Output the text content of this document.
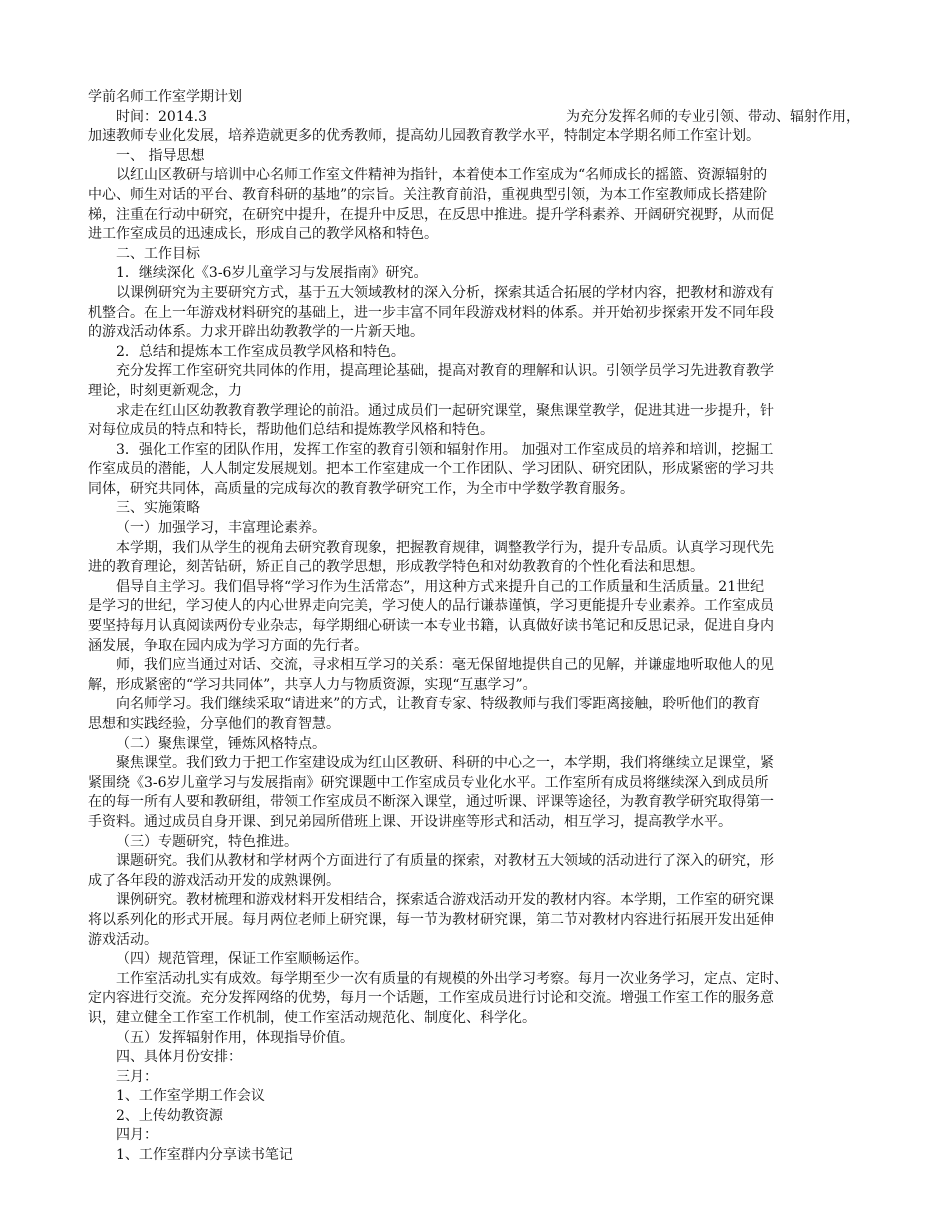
学前名师工作室学期计划
时间：2014.3	为充分发挥名师的专业引领、带动、辐射作用，
加速教师专业化发展，培养造就更多的优秀教师，提高幼儿园教育教学水平，特制定本学期名师工作室计划。
一、 指导思想
以红山区教研与培训中心名师工作室文件精神为指针，本着使本工作室成为“名师成长的摇篮、资源辐射的
中心、师生对话的平台、教育科研的基地”的宗旨。关注教育前沿，重视典型引领，为本工作室教师成长搭建阶
梯，注重在行动中研究，在研究中提升，在提升中反思，在反思中推进。提升学科素养、开阔研究视野，从而促
进工作室成员的迅速成长，形成自己的教学风格和特色。
二、工作目标
1．继续深化《3-6岁儿童学习与发展指南》研究。
以课例研究为主要研究方式，基于五大领域教材的深入分析，探索其适合拓展的学材内容，把教材和游戏有
机整合。在上一年游戏材料研究的基础上，进一步丰富不同年段游戏材料的体系。并开始初步探索开发不同年段
的游戏活动体系。力求开辟出幼教教学的一片新天地。
2．总结和提炼本工作室成员教学风格和特色。
充分发挥工作室研究共同体的作用，提高理论基础，提高对教育的理解和认识。引领学员学习先进教育教学
理论，时刻更新观念，力
求走在红山区幼教教育教学理论的前沿。通过成员们一起研究课堂，聚焦课堂教学，促进其进一步提升，针
对每位成员的特点和特长，帮助他们总结和提炼教学风格和特色。
3．强化工作室的团队作用，发挥工作室的教育引领和辐射作用。 加强对工作室成员的培养和培训，挖掘工
作室成员的潜能，人人制定发展规划。把本工作室建成一个工作团队、学习团队、研究团队，形成紧密的学习共
同体，研究共同体，高质量的完成每次的教育教学研究工作，为全市中学数学教育服务。
三、实施策略
（一）加强学习，丰富理论素养。
本学期，我们从学生的视角去研究教育现象，把握教育规律，调整教学行为，提升专品质。认真学习现代先
进的教育理论，刻苦钻研，矫正自己的教学思想，形成教学特色和对幼教教育的个性化看法和思想。
倡导自主学习。我们倡导将“学习作为生活常态”，用这种方式来提升自己的工作质量和生活质量。21世纪
是学习的世纪，学习使人的内心世界走向完美，学习使人的品行谦恭谨慎，学习更能提升专业素养。工作室成员
要坚持每月认真阅读两份专业杂志，每学期细心研读一本专业书籍，认真做好读书笔记和反思记录，促进自身内
涵发展，争取在园内成为学习方面的先行者。
师，我们应当通过对话、交流，寻求相互学习的关系：毫无保留地提供自己的见解，并谦虚地听取他人的见
解，形成紧密的“学习共同体”，共享人力与物质资源，实现“互惠学习”。
向名师学习。我们继续采取“请进来”的方式，让教育专家、特级教师与我们零距离接触，聆听他们的教育
思想和实践经验，分享他们的教育智慧。
（二）聚焦课堂，锤炼风格特点。
聚焦课堂。我们致力于把工作室建设成为红山区教研、科研的中心之一，本学期，我们将继续立足课堂，紧
紧围绕《3-6岁儿童学习与发展指南》研究课题中工作室成员专业化水平。工作室所有成员将继续深入到成员所
在的每一所有人要和教研组，带领工作室成员不断深入课堂，通过听课、评课等途径，为教育教学研究取得第一
手资料。通过成员自身开课、到兄弟园所借班上课、开设讲座等形式和活动，相互学习，提高教学水平。
（三）专题研究，特色推进。
课题研究。我们从教材和学材两个方面进行了有质量的探索，对教材五大领域的活动进行了深入的研究，形
成了各年段的游戏活动开发的成熟课例。
课例研究。教材梳理和游戏材料开发相结合，探索适合游戏活动开发的教材内容。本学期，工作室的研究课
将以系列化的形式开展。每月两位老师上研究课，每一节为教材研究课，第二节对教材内容进行拓展开发出延伸
游戏活动。
（四）规范管理，保证工作室顺畅运作。
工作室活动扎实有成效。每学期至少一次有质量的有规模的外出学习考察。每月一次业务学习，定点、定时、
定内容进行交流。充分发挥网络的优势，每月一个话题，工作室成员进行讨论和交流。增强工作室工作的服务意
识，建立健全工作室工作机制，使工作室活动规范化、制度化、科学化。
（五）发挥辐射作用，体现指导价值。
四、具体月份安排：
三月：
1、工作室学期工作会议
2、上传幼教资源
四月：
1、工作室群内分享读书笔记
